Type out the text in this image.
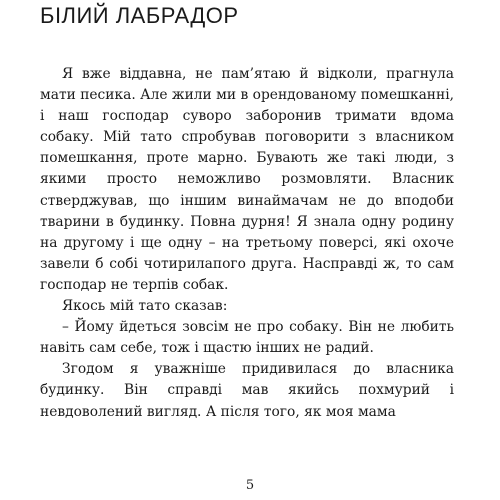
БІЛИЙ ЛАБРАДОР

Я вже віддавна, не пам’ятаю й відколи, прагнула мати песика. Але жили ми в орендованому помешканні, і наш господар суворо заборонив тримати вдома собаку. Мій тато спробував поговорити з власником помешкання, проте марно. Бувають же такі люди, з якими просто неможливо розмовляти. Власник стверджував, що іншим винаймачам не до вподоби тварини в будинку. Повна дурня! Я знала одну родину на другому і ще одну – на третьому поверсі, які охоче завели б собі чотирилапого друга. Насправді ж, то сам господар не терпів собак.

Якось мій тато сказав:

– Йому йдеться зовсім не про собаку. Він не любить навіть сам себе, тож і щастю інших не радий.

Згодом я уважніше придивилася до власника будинку. Він справді мав якийсь похмурий і невдоволений вигляд. А після того, як моя мама

5
